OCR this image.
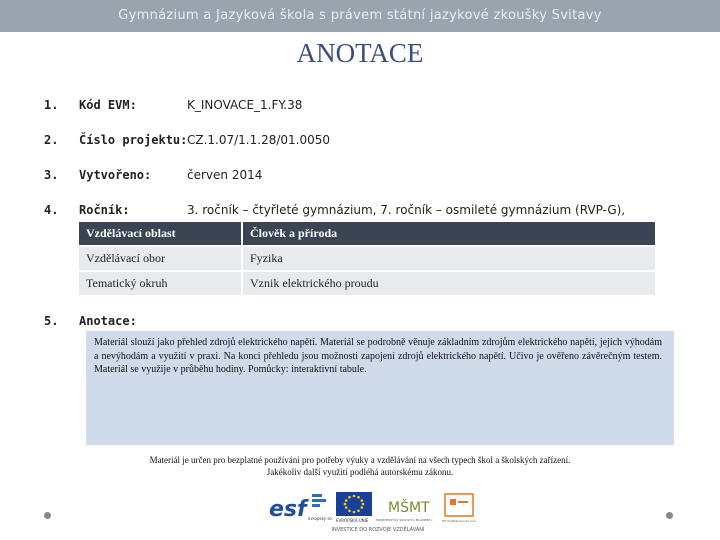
Gymnázium a Jazyková škola s právem státní jazykové zkoušky Svitavy
ANOTACE
1. Kód EVM:	K_INOVACE_1.FY.38
2. Číslo projektu: CZ.1.07/1.1.28/01.0050
3. Vytvořeno:	červen 2014
4. Ročník:	3. ročník – čtyřleté gymnázium, 7. ročník – osmileté gymnázium (RVP-G),
Vzdělávací oblast	Člověk a příroda
Vzdělávací obor	Fyzika
Tematický okruh	Vznik elektrického proudu
5. Anotace:
Materiál slouží jako přehled zdrojů elektrického napětí. Materiál se podrobně věnuje základním zdrojům elektrického napětí, jejich výhodám a nevýhodám a využití v praxi. Na konci přehledu jsou možnosti zapojení zdrojů elektrického napětí. Učivo je ověřeno závěrečným testem. Materiál se využije v průběhu hodiny. Pomůcky: interaktivní tabule.
Materiál je určen pro bezplatné používání pro potřeby výuky a vzdělávání na všech typech škol a školských zařízení.
Jakékoliv další využití podléhá autorskému zákonu.
esf evropský so	EVROPSKÁ UNIE
MŠMT
MINISTERSTVO ŠKOLSTVÍ, MLÁDEŽE	OP Vzdělávání pro kon
INVESTICE DO ROZVOJE VZDĚLÁVÁNÍ
